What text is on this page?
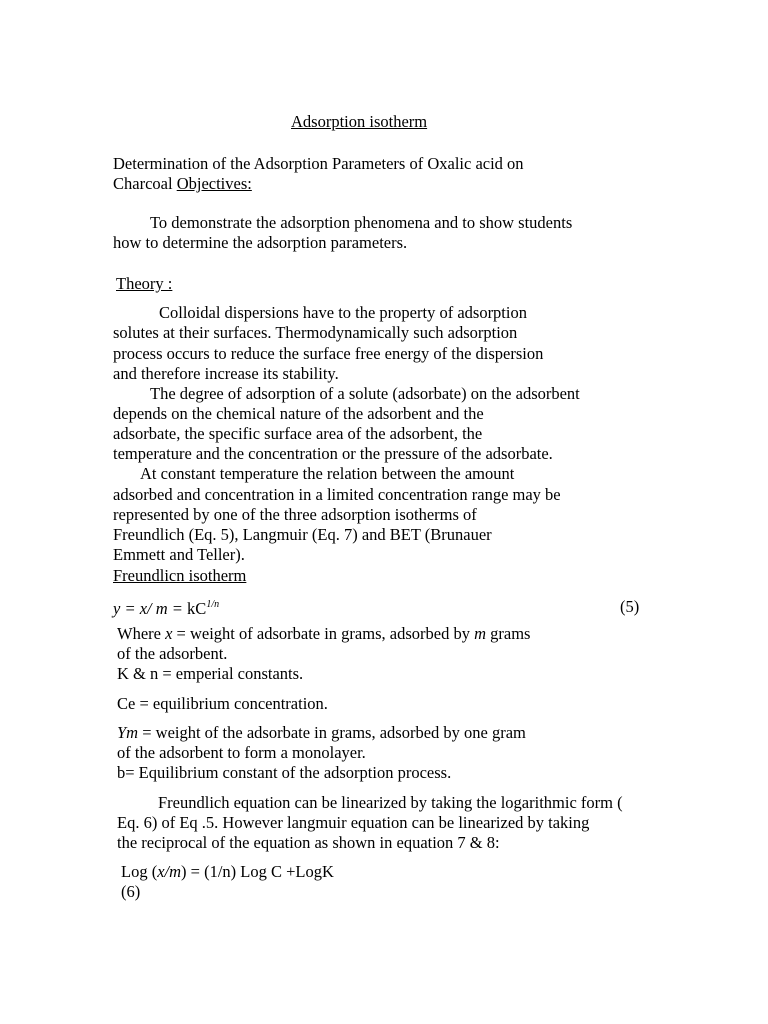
Adsorption isotherm
Determination of the Adsorption Parameters of Oxalic acid on
Charcoal Objectives:
To demonstrate the adsorption phenomena and to show students
how to determine the adsorption parameters.
Theory :
Colloidal dispersions have to the property of adsorption
solutes at their surfaces. Thermodynamically such adsorption
process occurs to reduce the surface free energy of the dispersion
and therefore increase its stability.
The degree of adsorption of a solute (adsorbate) on the adsorbent
depends on the chemical nature of the adsorbent and the
adsorbate, the specific surface area of the adsorbent, the
temperature and the concentration or the pressure of the adsorbate.
At constant temperature the relation between the amount
adsorbed and concentration in a limited concentration range may be
represented by one of the three adsorption isotherms of
Freundlich (Eq. 5), Langmuir (Eq. 7) and BET (Brunauer
Emmett and Teller).
Freundlicn isotherm
y = x/ $m = kC^{1/n}$	(5)
Where x = weight of adsorbate in grams, adsorbed by m grams
of the adsorbent.
K & n = emperial constants.
Ce = equilibrium concentration.
Ym = weight of the adsorbate in grams, adsorbed by one gram
of the adsorbent to form a monolayer.
b= Equilibrium constant of the adsorption process.
Freundlich equation can be linearized by taking the logarithmic form (
Eq. 6) of Eq .5. However langmuir equation can be linearized by taking
the reciprocal of the equation as shown in equation 7 & 8:
Log (x/m) = (1/n) Log C +LogK
(6)
